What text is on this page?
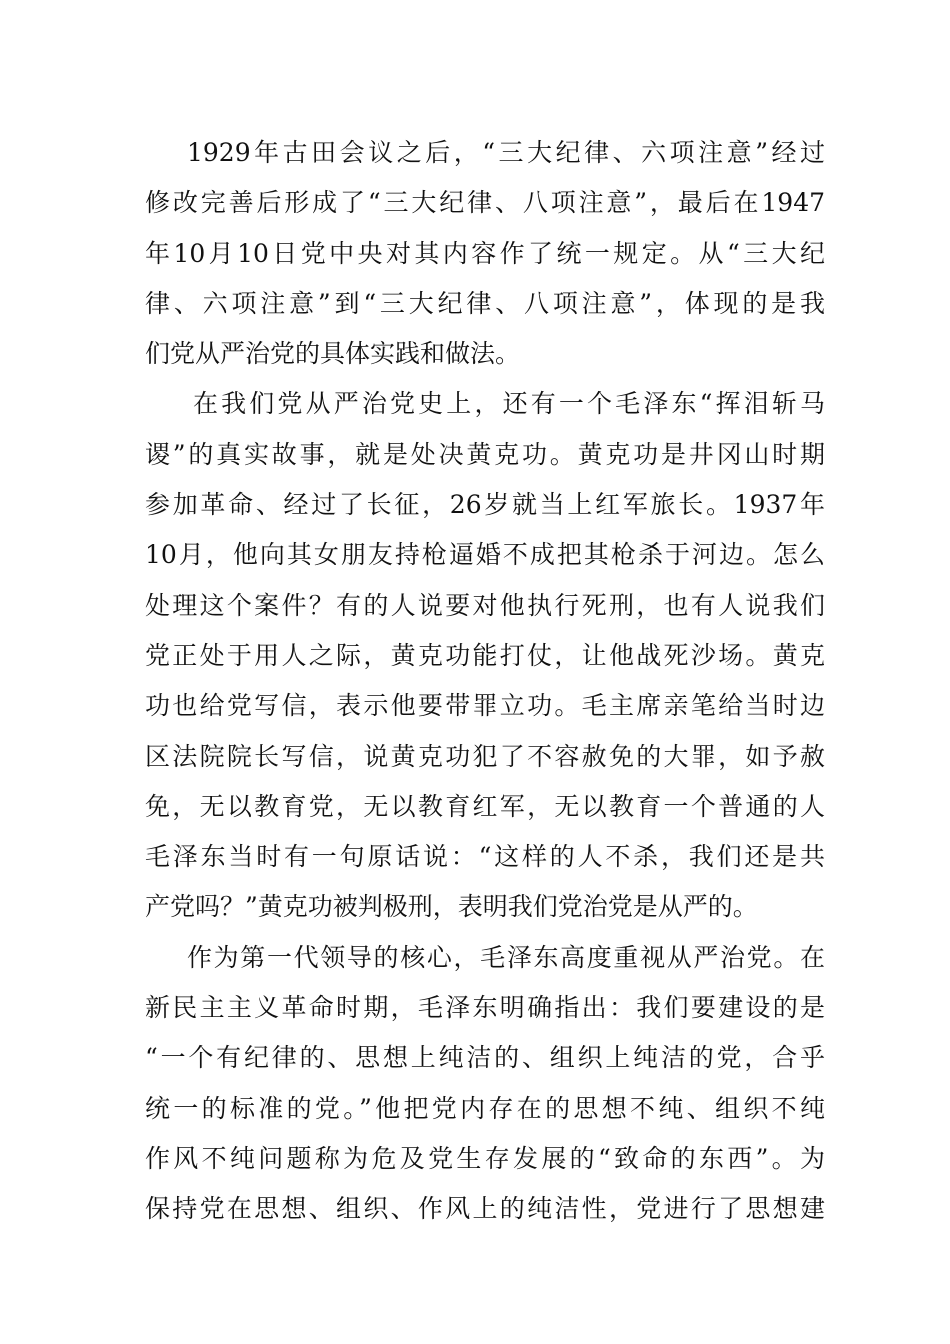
1929年古田会议之后，“三大纪律、六项注意”经过
修改完善后形成了“三大纪律、八项注意”，最后在1947
年10月10日党中央对其内容作了统一规定。从“三大纪
律、六项注意”到“三大纪律、八项注意”，体现的是我
们党从严治党的具体实践和做法。
在我们党从严治党史上，还有一个毛泽东“挥泪斩马
谡”的真实故事，就是处决黄克功。黄克功是井冈山时期
参加革命、经过了长征，26岁就当上红军旅长。1937年
10月，他向其女朋友持枪逼婚不成把其枪杀于河边。怎么
处理这个案件？有的人说要对他执行死刑，也有人说我们
党正处于用人之际，黄克功能打仗，让他战死沙场。黄克
功也给党写信，表示他要带罪立功。毛主席亲笔给当时边
区法院院长写信，说黄克功犯了不容赦免的大罪，如予赦
免，无以教育党，无以教育红军，无以教育一个普通的人
毛泽东当时有一句原话说：“这样的人不杀，我们还是共
产党吗？”黄克功被判极刑，表明我们党治党是从严的。
作为第一代领导的核心，毛泽东高度重视从严治党。在
新民主主义革命时期，毛泽东明确指出：我们要建设的是
“一个有纪律的、思想上纯洁的、组织上纯洁的党，合乎
统一的标准的党。”他把党内存在的思想不纯、组织不纯
作风不纯问题称为危及党生存发展的“致命的东西”。为
保持党在思想、组织、作风上的纯洁性，党进行了思想建
